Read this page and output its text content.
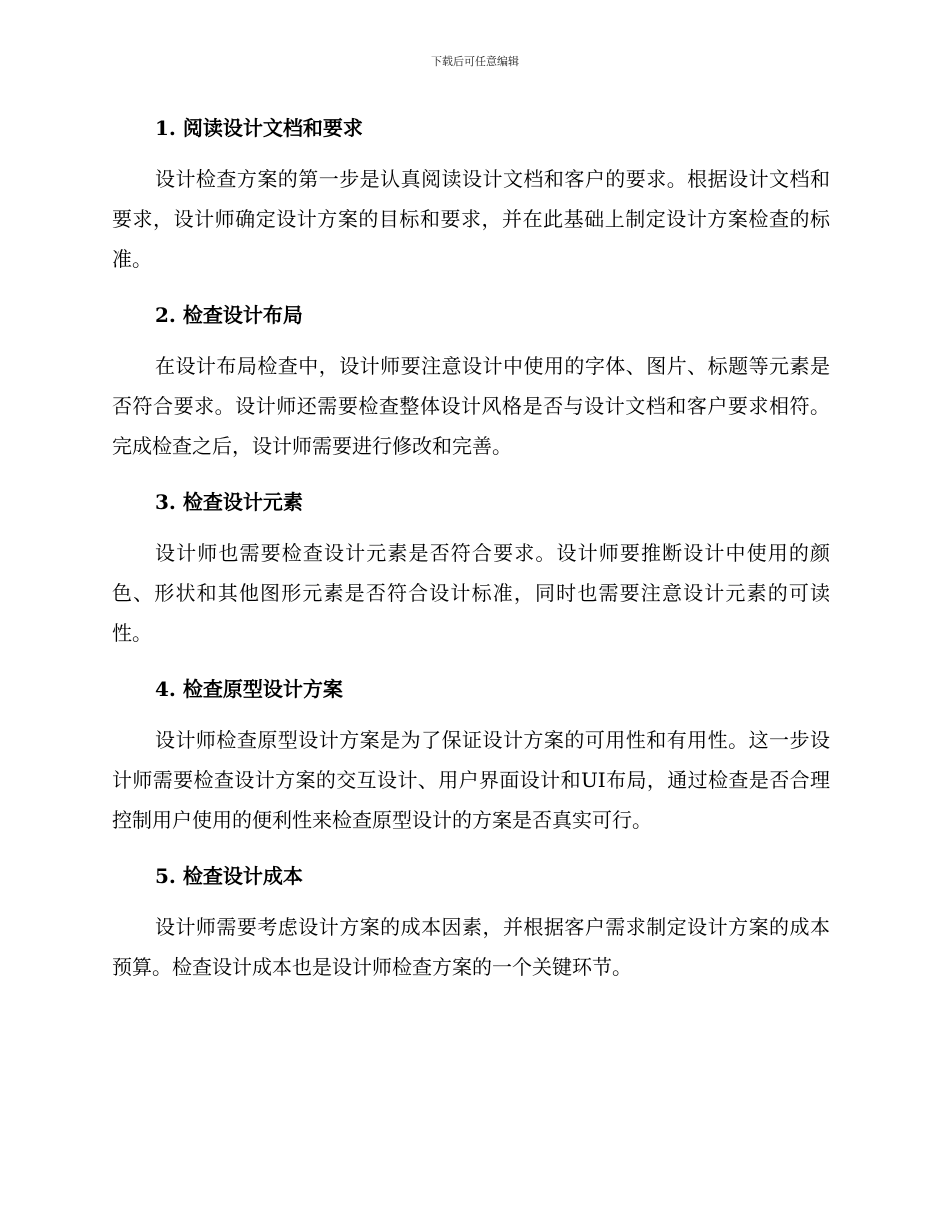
下载后可任意编辑
1. 阅读设计文档和要求

设计检查方案的第一步是认真阅读设计文档和客户的要求。根据设计文档和要求，设计师确定设计方案的目标和要求，并在此基础上制定设计方案检查的标准。

2. 检查设计布局

在设计布局检查中，设计师要注意设计中使用的字体、图片、标题等元素是否符合要求。设计师还需要检查整体设计风格是否与设计文档和客户要求相符。完成检查之后，设计师需要进行修改和完善。

3. 检查设计元素

设计师也需要检查设计元素是否符合要求。设计师要推断设计中使用的颜色、形状和其他图形元素是否符合设计标准，同时也需要注意设计元素的可读性。

4. 检查原型设计方案

设计师检查原型设计方案是为了保证设计方案的可用性和有用性。这一步设计师需要检查设计方案的交互设计、用户界面设计和UI布局，通过检查是否合理控制用户使用的便利性来检查原型设计的方案是否真实可行。

5. 检查设计成本

设计师需要考虑设计方案的成本因素，并根据客户需求制定设计方案的成本预算。检查设计成本也是设计师检查方案的一个关键环节。
